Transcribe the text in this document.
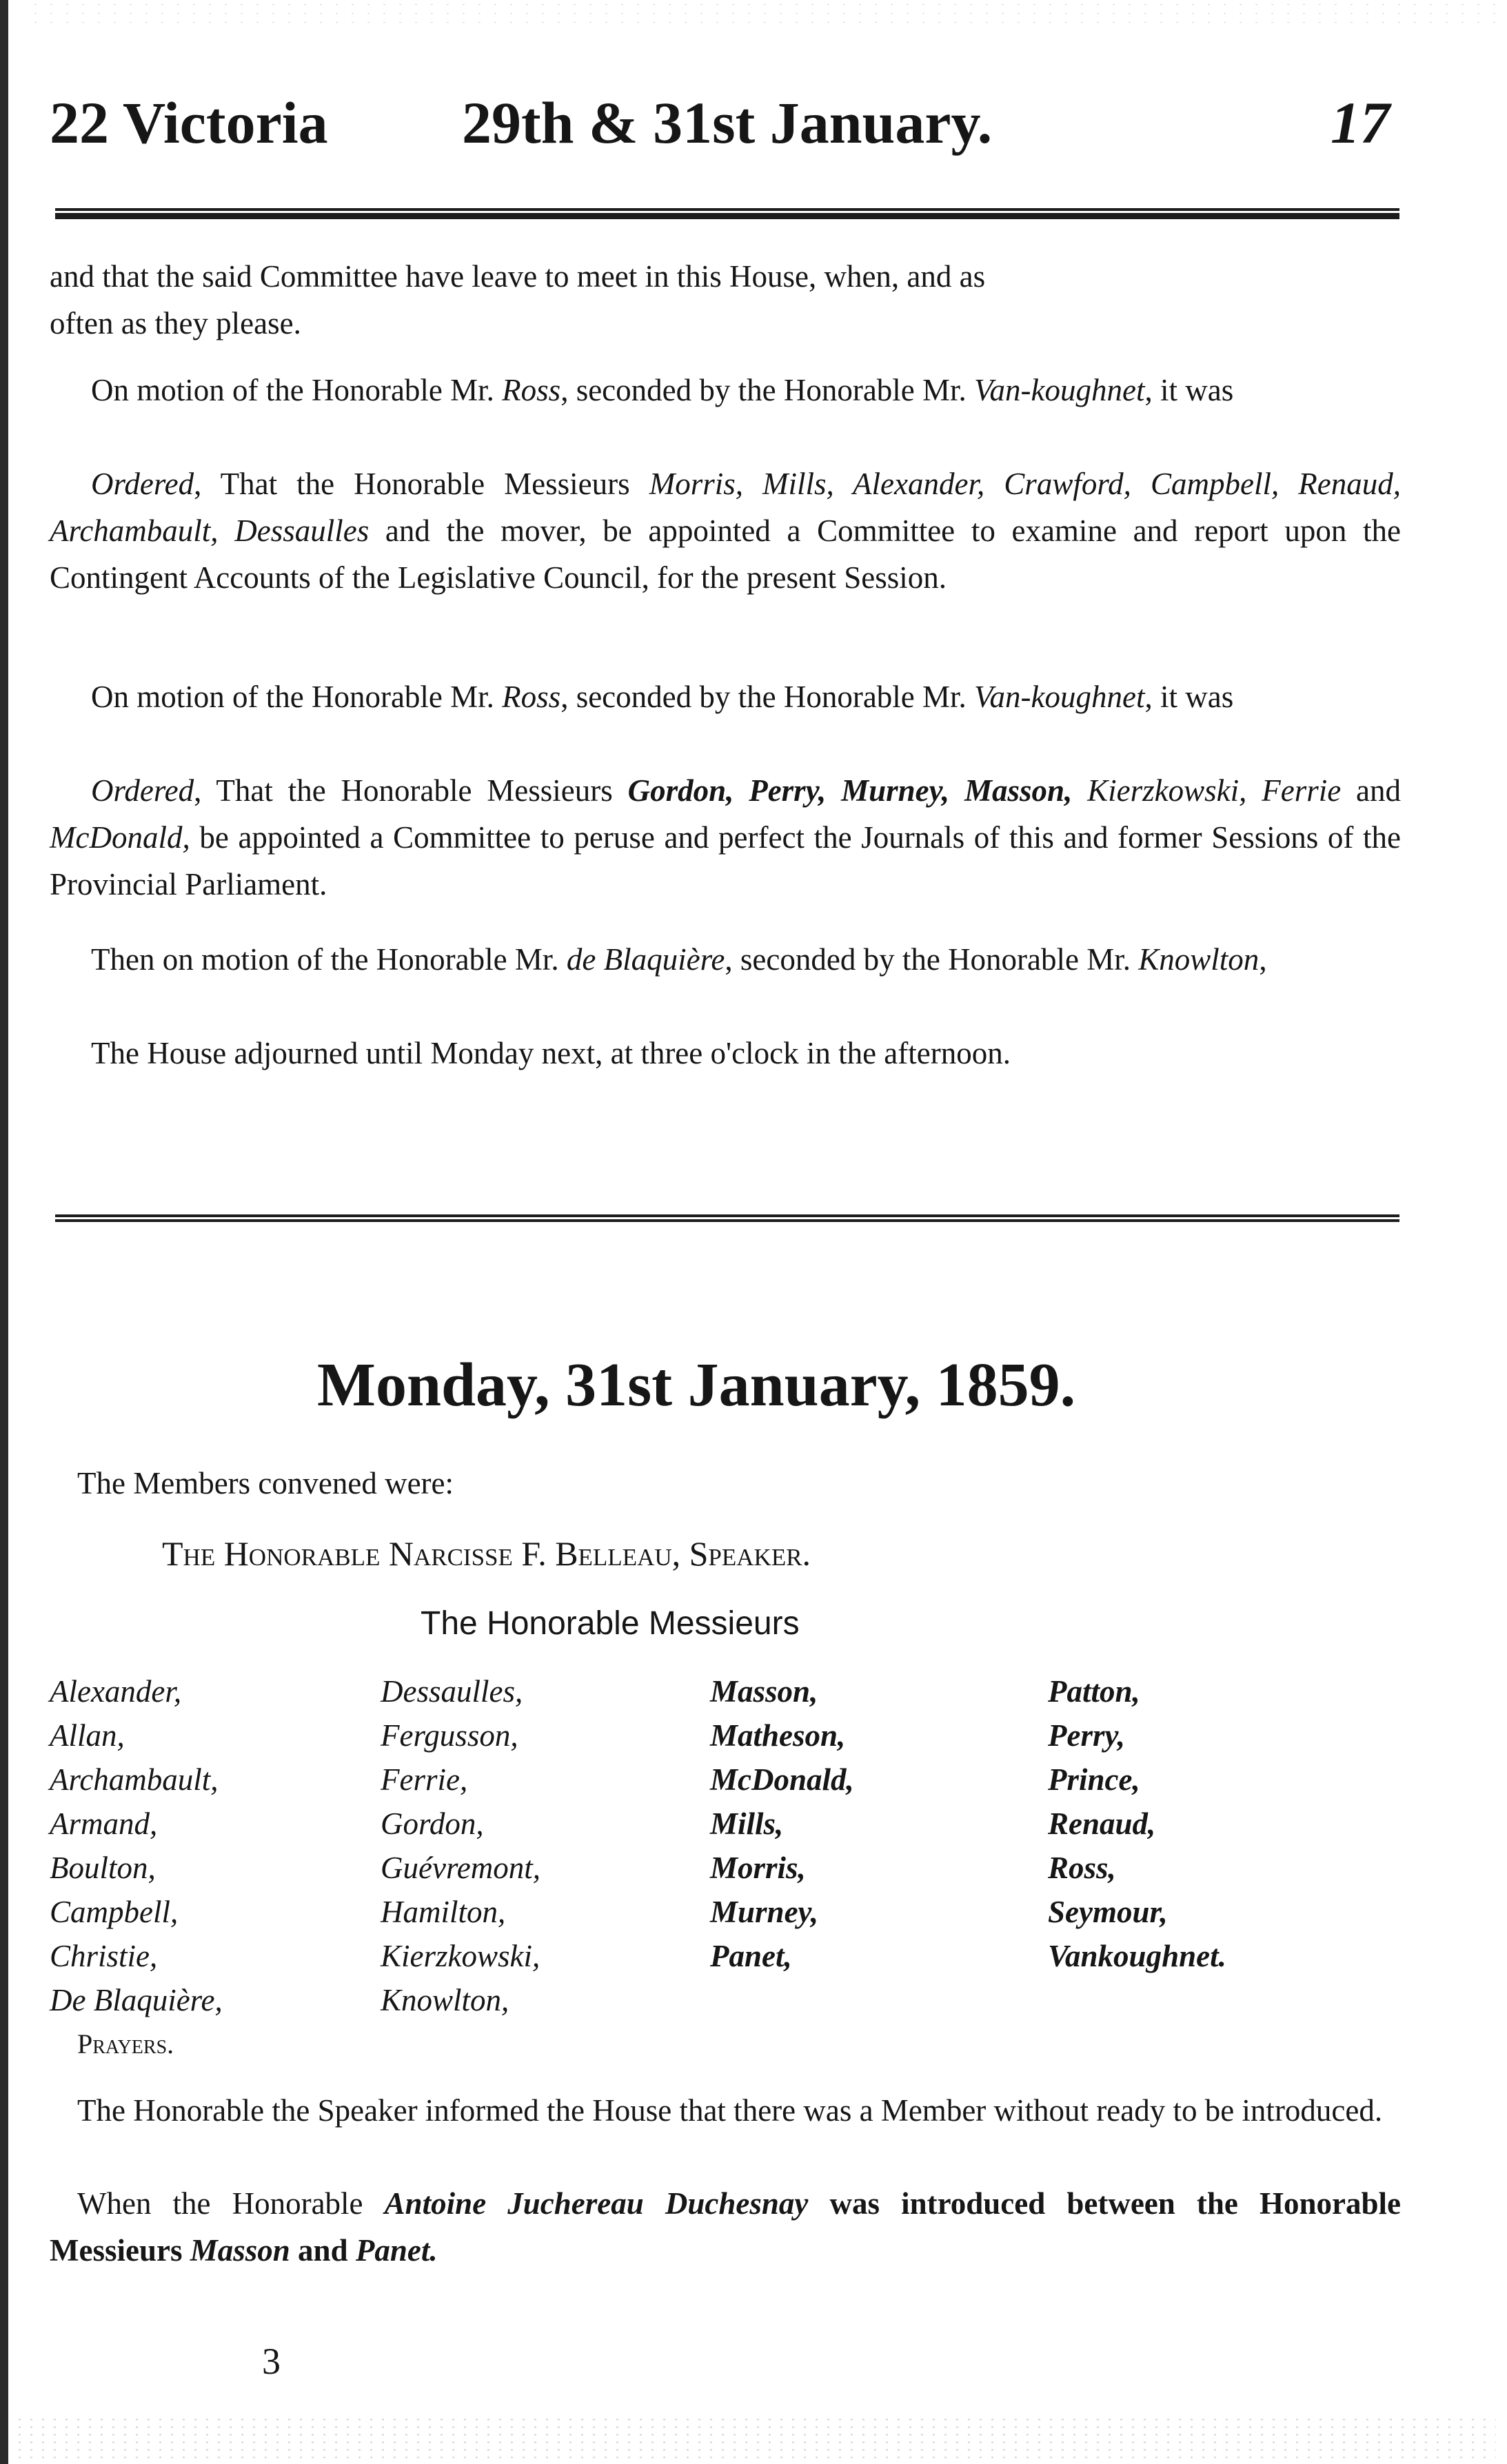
22 Victoria 29th & 31st January.	17
and that the said Committee have leave to meet in this House, when, and as
often as they please.
On motion of the Honorable Mr. Ross, seconded by the Honorable Mr. Van-koughnet, it was
Ordered, That the Honorable Messieurs Morris, Mills, Alexander, Crawford, Campbell, Renaud, Archambault, Dessaulles and the mover, be appointed a Committee to examine and report upon the Contingent Accounts of the Legislative Council, for the present Session.
On motion of the Honorable Mr. Ross, seconded by the Honorable Mr. Van-koughnet, it was
Ordered, That the Honorable Messieurs Gordon, Perry, Murney, Masson, Kierzkowski, Ferrie and McDonald, be appointed a Committee to peruse and perfect the Journals of this and former Sessions of the Provincial Parliament.
Then on motion of the Honorable Mr. de Blaquière, seconded by the Honorable Mr. Knowlton,
The House adjourned until Monday next, at three o'clock in the afternoon.
Monday, 31st January, 1859.
The Members convened were:
The Honorable Narcisse F. Belleau, Speaker.
The Honorable Messieurs
Alexander,
Allan,
Archambault,
Armand,
Boulton,
Campbell,
Christie,
De Blaquière,
Dessaulles,
Fergusson,
Ferrie,
Gordon,
Guévremont,
Hamilton,
Kierzkowski,
Knowlton,
Masson,
Matheson,
McDonald,
Mills,
Morris,
Murney,
Panet,
Patton,
Perry,
Prince,
Renaud,
Ross,
Seymour,
Vankoughnet.
Prayers.
The Honorable the Speaker informed the House that there was a Member without ready to be introduced.
When the Honorable Antoine Juchereau Duchesnay was introduced between the Honorable Messieurs Masson and Panet.
3
